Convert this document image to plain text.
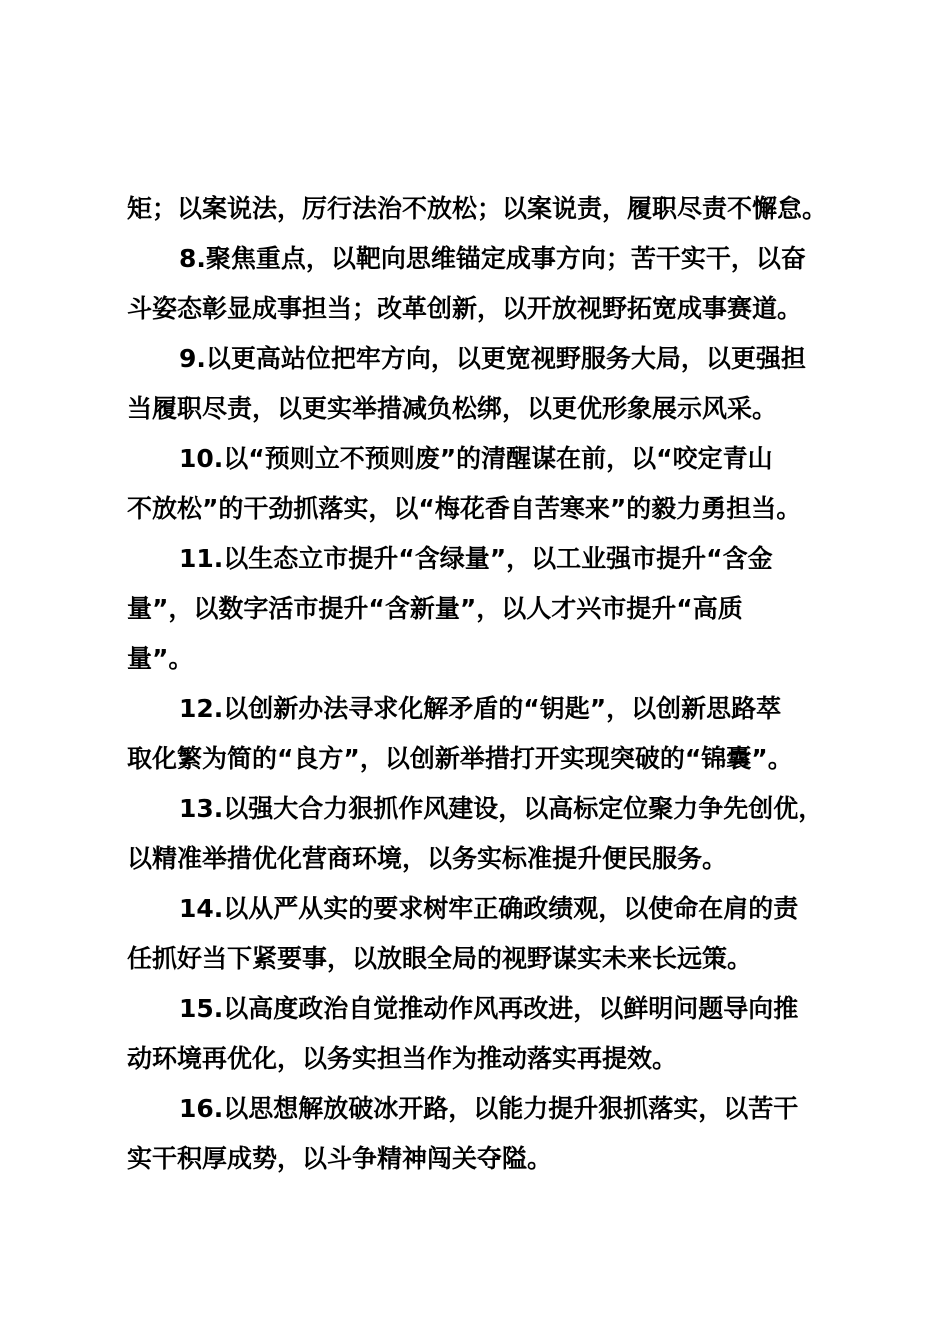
矩；以案说法，厉行法治不放松；以案说责，履职尽责不懈怠。
8.聚焦重点，以靶向思维锚定成事方向；苦干实干，以奋
斗姿态彰显成事担当；改革创新，以开放视野拓宽成事赛道。
9.以更高站位把牢方向，以更宽视野服务大局，以更强担
当履职尽责，以更实举措减负松绑，以更优形象展示风采。
10.以“预则立不预则废”的清醒谋在前，以“咬定青山
不放松”的干劲抓落实，以“梅花香自苦寒来”的毅力勇担当。
11.以生态立市提升“含绿量”，以工业强市提升“含金
量”，以数字活市提升“含新量”，以人才兴市提升“高质
量”。
12.以创新办法寻求化解矛盾的“钥匙”，以创新思路萃
取化繁为简的“良方”，以创新举措打开实现突破的“锦囊”。
13.以强大合力狠抓作风建设，以高标定位聚力争先创优，
以精准举措优化营商环境，以务实标准提升便民服务。
14.以从严从实的要求树牢正确政绩观，以使命在肩的责
任抓好当下紧要事，以放眼全局的视野谋实未来长远策。
15.以高度政治自觉推动作风再改进，以鲜明问题导向推
动环境再优化，以务实担当作为推动落实再提效。
16.以思想解放破冰开路，以能力提升狠抓落实，以苦干
实干积厚成势，以斗争精神闯关夺隘。
